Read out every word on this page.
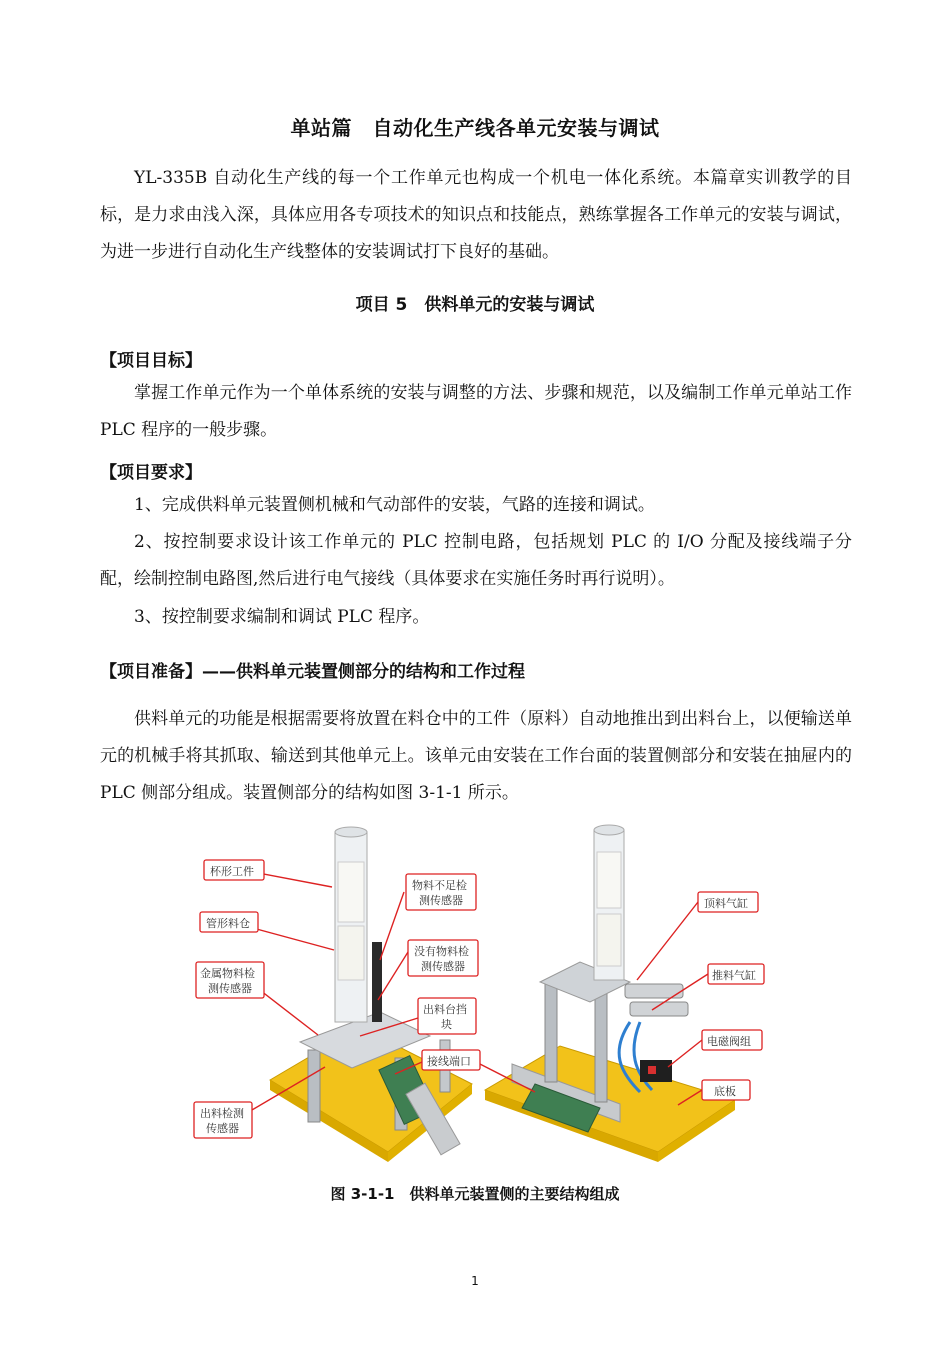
单站篇　自动化生产线各单元安装与调试

YL-335B 自动化生产线的每一个工作单元也构成一个机电一体化系统。本篇章实训教学的目标，是力求由浅入深，具体应用各专项技术的知识点和技能点，熟练掌握各工作单元的安装与调试，为进一步进行自动化生产线整体的安装调试打下良好的基础。

项目 5　供料单元的安装与调试
【项目目标】

掌握工作单元作为一个单体系统的安装与调整的方法、步骤和规范，以及编制工作单元单站工作 PLC 程序的一般步骤。

【项目要求】

1、完成供料单元装置侧机械和气动部件的安装，气路的连接和调试。

2、按控制要求设计该工作单元的 PLC 控制电路，包括规划 PLC 的 I/O 分配及接线端子分配，绘制控制电路图,然后进行电气接线（具体要求在实施任务时再行说明）。

3、按控制要求编制和调试 PLC 程序。

【项目准备】——供料单元装置侧部分的结构和工作过程

供料单元的功能是根据需要将放置在料仓中的工件（原料）自动地推出到出料台上，以便输送单元的机械手将其抓取、输送到其他单元上。该单元由安装在工作台面的装置侧部分和安装在抽屉内的 PLC 侧部分组成。装置侧部分的结构如图 3-1-1 所示。

杯形工件
管形料仓
金属物料检
测传感器
出料检测
传感器
物料不足检
测传感器
没有物料检
测传感器
出料台挡
块
接线端口
顶料气缸
推料气缸
电磁阀组
底板
图 3-1-1　供料单元装置侧的主要结构组成
1
